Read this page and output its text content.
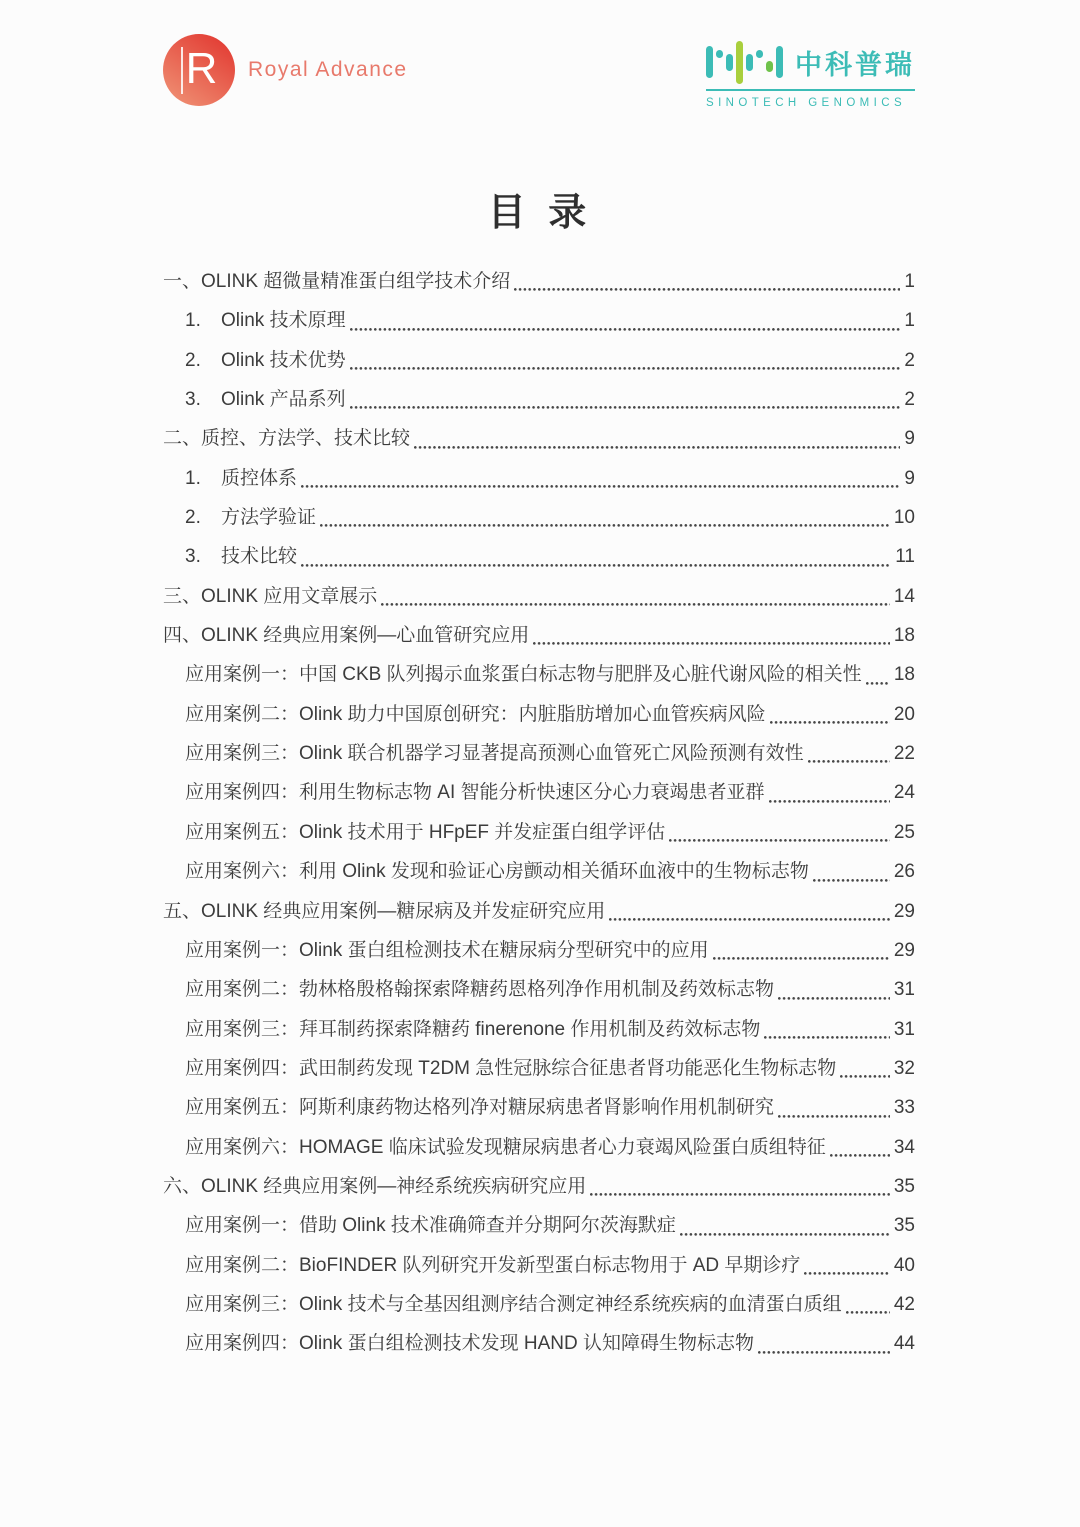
R Royal Advance	中科普瑞
SINOTECH GENOMICS
目 录
一、OLINK 超微量精准蛋白组学技术介绍	1
1.	Olink 技术原理	1
2.	Olink 技术优势	2
3.	Olink 产品系列	2
二、质控、方法学、技术比较	9
1.	质控体系	9
2.	方法学验证	10
3.	技术比较	11
三、OLINK 应用文章展示	14
四、OLINK 经典应用案例—心血管研究应用	18
应用案例一：中国 CKB 队列揭示血浆蛋白标志物与肥胖及心脏代谢风险的相关性 18
应用案例二：Olink 助力中国原创研究：内脏脂肪增加心血管疾病风险	20
应用案例三：Olink 联合机器学习显著提高预测心血管死亡风险预测有效性	22
应用案例四：利用生物标志物 AI 智能分析快速区分心力衰竭患者亚群	24
应用案例五：Olink 技术用于 HFpEF 并发症蛋白组学评估	25
应用案例六：利用 Olink 发现和验证心房颤动相关循环血液中的生物标志物	26
五、OLINK 经典应用案例—糖尿病及并发症研究应用	29
应用案例一：Olink 蛋白组检测技术在糖尿病分型研究中的应用	29
应用案例二：勃林格殷格翰探索降糖药恩格列净作用机制及药效标志物	31
应用案例三：拜耳制药探索降糖药 finerenone 作用机制及药效标志物	31
应用案例四：武田制药发现 T2DM 急性冠脉综合征患者肾功能恶化生物标志物	32
应用案例五：阿斯利康药物达格列净对糖尿病患者肾影响作用机制研究	33
应用案例六：HOMAGE 临床试验发现糖尿病患者心力衰竭风险蛋白质组特征	34
六、OLINK 经典应用案例—神经系统疾病研究应用	35
应用案例一：借助 Olink 技术准确筛查并分期阿尔茨海默症	35
应用案例二：BioFINDER 队列研究开发新型蛋白标志物用于 AD 早期诊疗	40
应用案例三：Olink 技术与全基因组测序结合测定神经系统疾病的血清蛋白质组	42
应用案例四：Olink 蛋白组检测技术发现 HAND 认知障碍生物标志物	44
